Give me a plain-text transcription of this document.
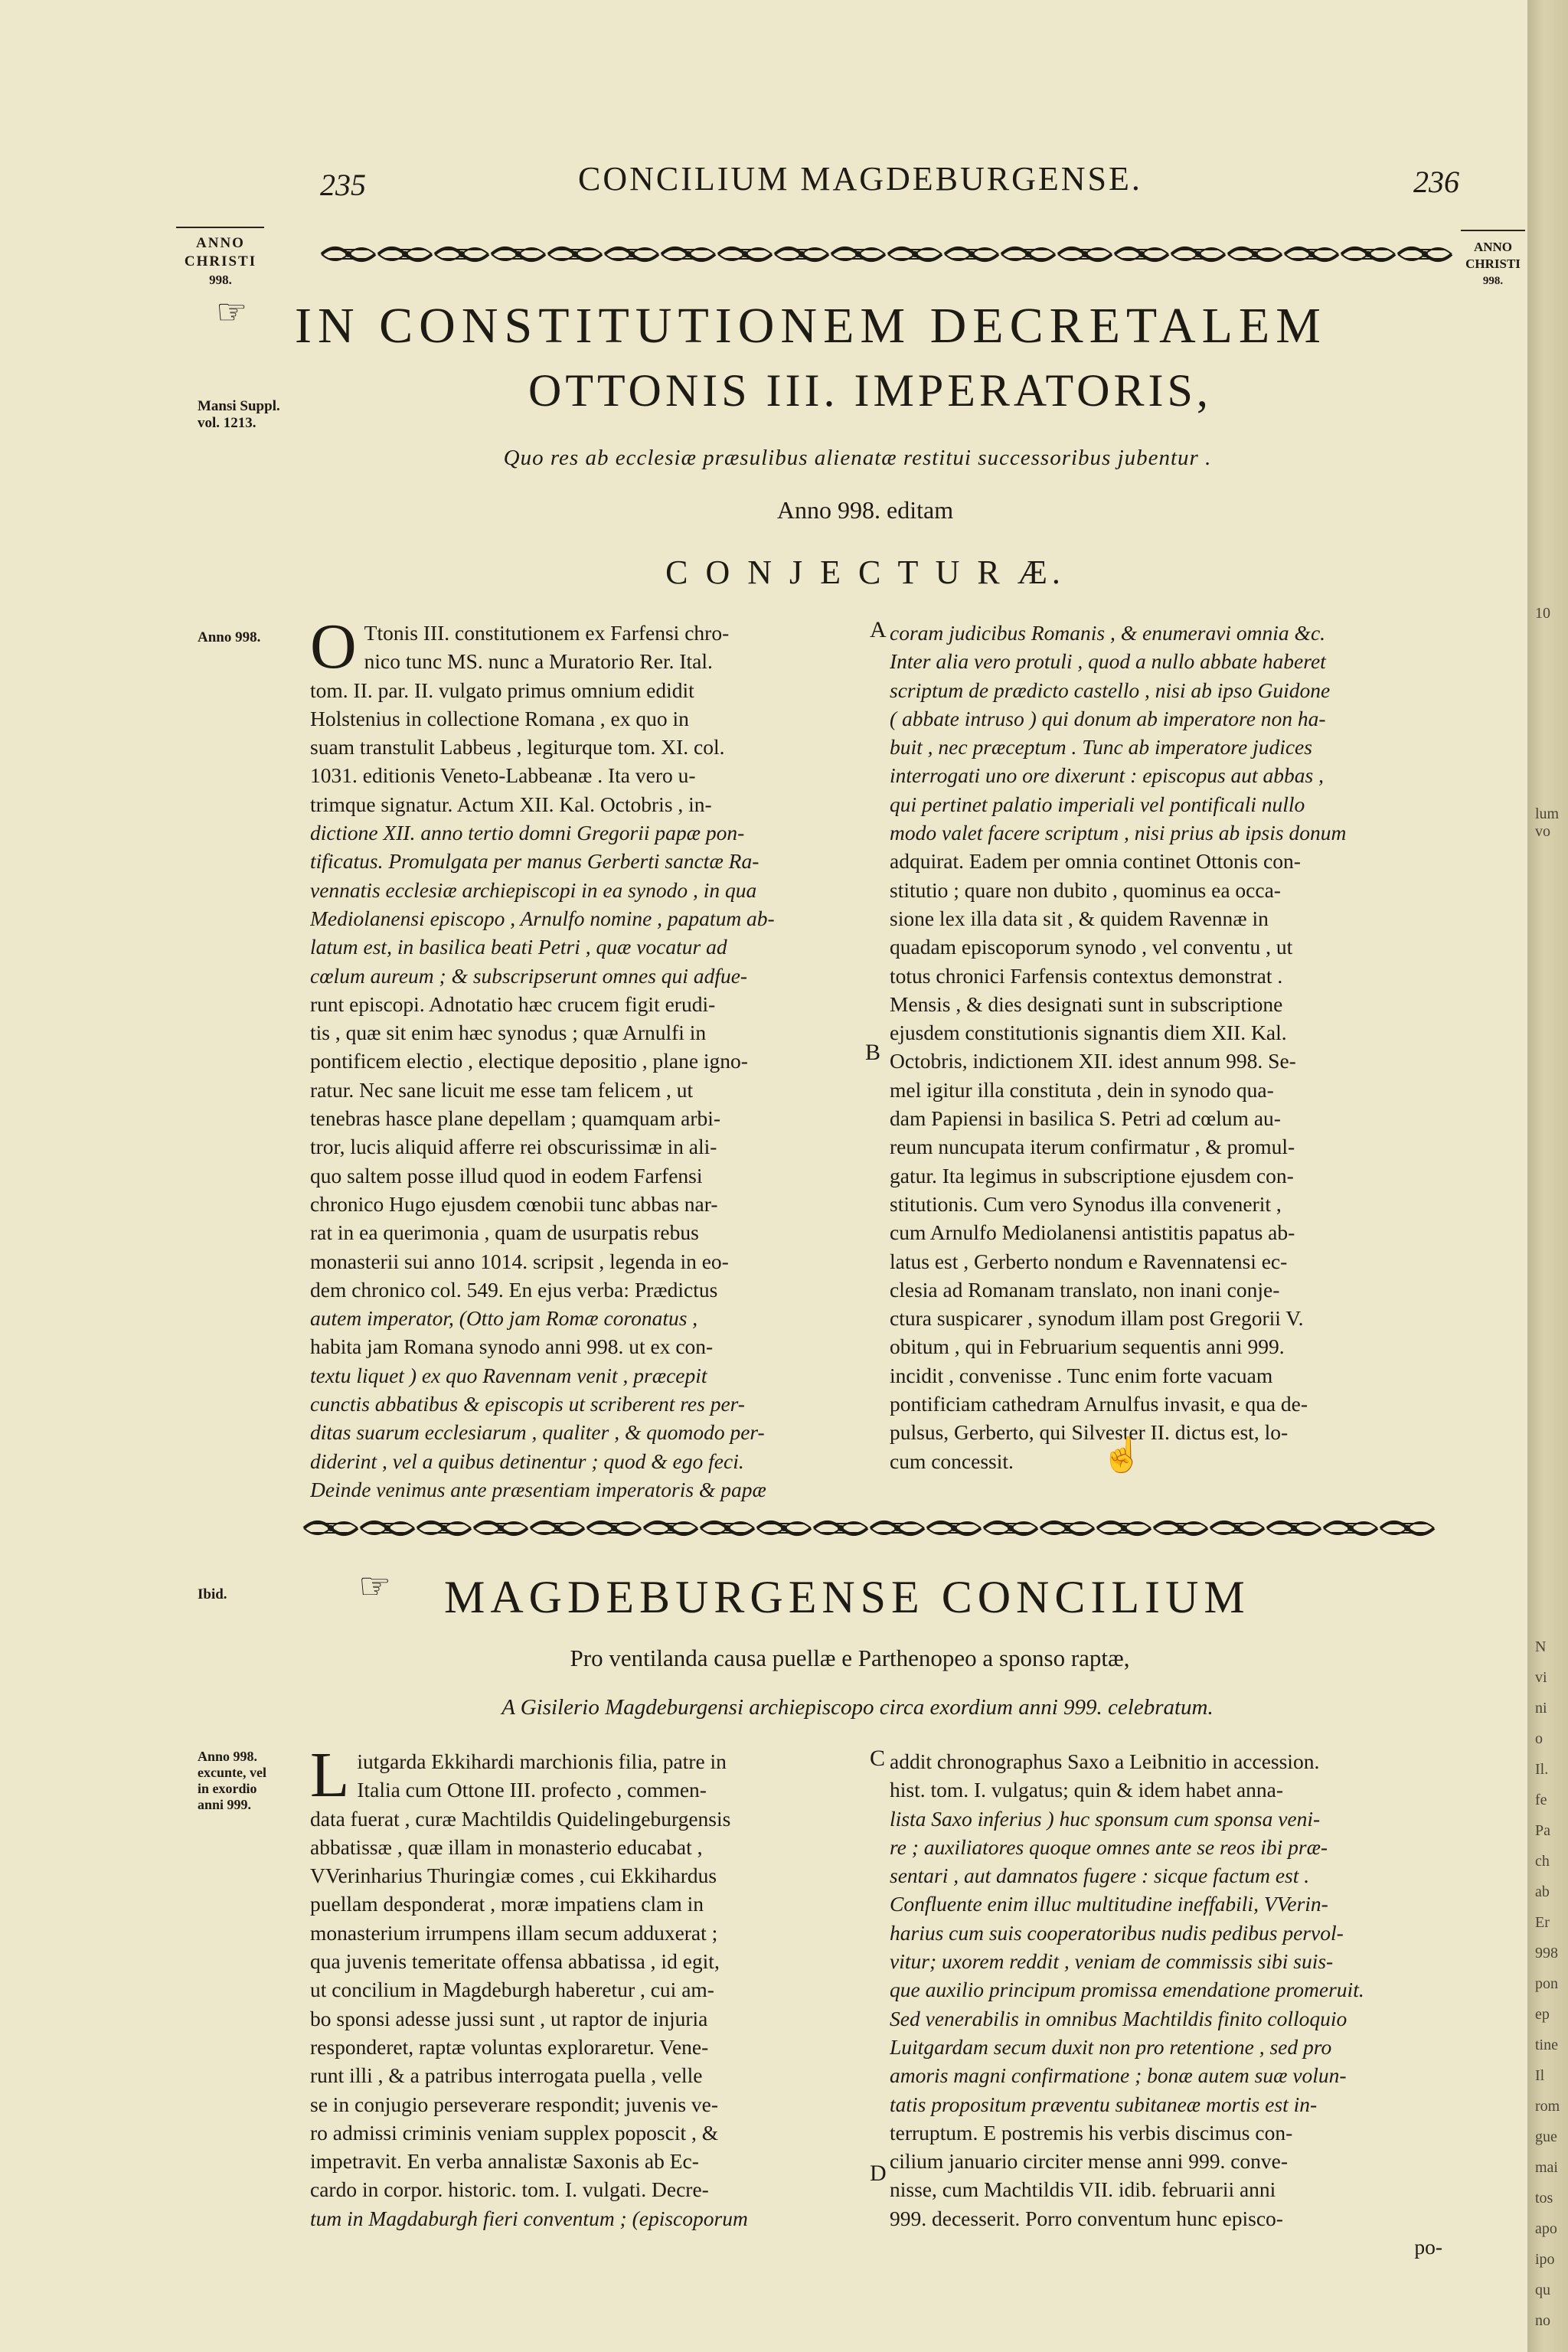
235	CONCILIUM MAGDEBURGENSE.	236
ANNO
CHRISTI
998.
ANNO
CHRISTI
998.
☞ IN CONSTITUTIONEM DECRETALEM
OTTONIS III. IMPERATORIS,
Mansi Suppl.
vol. 1213.
Quo res ab ecclesiæ præsulibus alienatæ restitui successoribus jubentur .
Anno 998. editam
C O N J E C T U R Æ.
Anno 998. O Ttonis III. constitutionem ex Farfensi chro-
nico tunc MS. nunc a Muratorio Rer. Ital.
tom. II. par. II. vulgato primus omnium edidit
Holstenius in collectione Romana , ex quo in
suam transtulit Labbeus , legiturque tom. XI. col.
1031. editionis Veneto-Labbeanæ . Ita vero u-
trimque signatur. Actum XII. Kal. Octobris , in-
dictione XII. anno tertio domni Gregorii papæ pon-
tificatus. Promulgata per manus Gerberti sanctæ Ra-
vennatis ecclesiæ archiepiscopi in ea synodo , in qua
Mediolanensi episcopo , Arnulfo nomine , papatum ab-
latum est, in basilica beati Petri , quæ vocatur ad
cœlum aureum ; & subscripserunt omnes qui adfue-
runt episcopi. Adnotatio hæc crucem figit erudi-
tis , quæ sit enim hæc synodus ; quæ Arnulfi in
pontificem electio , electique depositio , plane igno-
ratur. Nec sane licuit me esse tam felicem , ut
tenebras hasce plane depellam ; quamquam arbi-
tror, lucis aliquid afferre rei obscurissimæ in ali-
quo saltem posse illud quod in eodem Farfensi
chronico Hugo ejusdem cœnobii tunc abbas nar-
rat in ea querimonia , quam de usurpatis rebus
monasterii sui anno 1014. scripsit , legenda in eo-
dem chronico col. 549. En ejus verba: Prædictus
autem imperator, (Otto jam Romæ coronatus ,
habita jam Romana synodo anni 998. ut ex con-
textu liquet ) ex quo Ravennam venit , præcepit
cunctis abbatibus & episcopis ut scriberent res per-
ditas suarum ecclesiarum , qualiter , & quomodo per-
diderint , vel a quibus detinentur ; quod & ego feci.
Deinde venimus ante præsentiam imperatoris & papæ
A
B
coram judicibus Romanis , & enumeravi omnia &c.
Inter alia vero protuli , quod a nullo abbate haberet
scriptum de prædicto castello , nisi ab ipso Guidone
( abbate intruso ) qui donum ab imperatore non ha-
buit , nec præceptum . Tunc ab imperatore judices
interrogati uno ore dixerunt : episcopus aut abbas ,
qui pertinet palatio imperiali vel pontificali nullo
modo valet facere scriptum , nisi prius ab ipsis donum
adquirat. Eadem per omnia continet Ottonis con-
stitutio ; quare non dubito , quominus ea occa-
sione lex illa data sit , & quidem Ravennæ in
quadam episcoporum synodo , vel conventu , ut
totus chronici Farfensis contextus demonstrat .
Mensis , & dies designati sunt in subscriptione
ejusdem constitutionis signantis diem XII. Kal.
Octobris, indictionem XII. idest annum 998. Se-
mel igitur illa constituta , dein in synodo qua-
dam Papiensi in basilica S. Petri ad cœlum au-
reum nuncupata iterum confirmatur , & promul-
gatur. Ita legimus in subscriptione ejusdem con-
stitutionis. Cum vero Synodus illa convenerit ,
cum Arnulfo Mediolanensi antistitis papatus ab-
latus est , Gerberto nondum e Ravennatensi ec-
clesia ad Romanam translato, non inani conje-
ctura suspicarer , synodum illam post Gregorii V.
obitum , qui in Februarium sequentis anni 999.
incidit , convenisse . Tunc enim forte vacuam
pontificiam cathedram Arnulfus invasit, e qua de-
pulsus, Gerberto, qui Silvester II. dictus est, lo-
cum concessit.	☝
Ibid.	☞ MAGDEBURGENSE CONCILIUM
Pro ventilanda causa puellæ e Parthenopeo a sponso raptæ,
A Gisilerio Magdeburgensi archiepiscopo circa exordium anni 999. celebratum.
Anno 998.
excunte, vel
in exordio
anni 999.
C
D
L iutgarda Ekkihardi marchionis filia, patre in
Italia cum Ottone III. profecto , commen-
data fuerat , curæ Machtildis Quidelingeburgensis
abbatissæ , quæ illam in monasterio educabat ,
VVerinharius Thuringiæ comes , cui Ekkihardus
puellam desponderat , moræ impatiens clam in
monasterium irrumpens illam secum adduxerat ;
qua juvenis temeritate offensa abbatissa , id egit,
ut concilium in Magdeburgh haberetur , cui am-
bo sponsi adesse jussi sunt , ut raptor de injuria
responderet, raptæ voluntas exploraretur. Vene-
runt illi , & a patribus interrogata puella , velle
se in conjugio perseverare respondit; juvenis ve-
ro admissi criminis veniam supplex poposcit , &
impetravit. En verba annalistæ Saxonis ab Ec-
cardo in corpor. historic. tom. I. vulgati. Decre-
tum in Magdaburgh fieri conventum ; (episcoporum
addit chronographus Saxo a Leibnitio in accession.
hist. tom. I. vulgatus; quin & idem habet anna-
lista Saxo inferius ) huc sponsum cum sponsa veni-
re ; auxiliatores quoque omnes ante se reos ibi præ-
sentari , aut damnatos fugere : sicque factum est .
Confluente enim illuc multitudine ineffabili, VVerin-
harius cum suis cooperatoribus nudis pedibus pervol-
vitur; uxorem reddit , veniam de commissis sibi suis-
que auxilio principum promissa emendatione promeruit.
Sed venerabilis in omnibus Machtildis finito colloquio
Luitgardam secum duxit non pro retentione , sed pro
amoris magni confirmatione ; bonæ autem suæ volun-
tatis propositum præventu subitaneæ mortis est in-
terruptum. E postremis his verbis discimus con-
cilium januario circiter mense anni 999. conve-
nisse, cum Machtildis VII. idib. februarii anni
999. decesserit. Porro conventum hunc episco-
po-
10
lum vo
N
vi
ni
o
Il.
fe
Pa
ch
ab
Er
998
pon
ep
tine
Il
rom
gue
mai
tos
apo
ipo
qu
no
